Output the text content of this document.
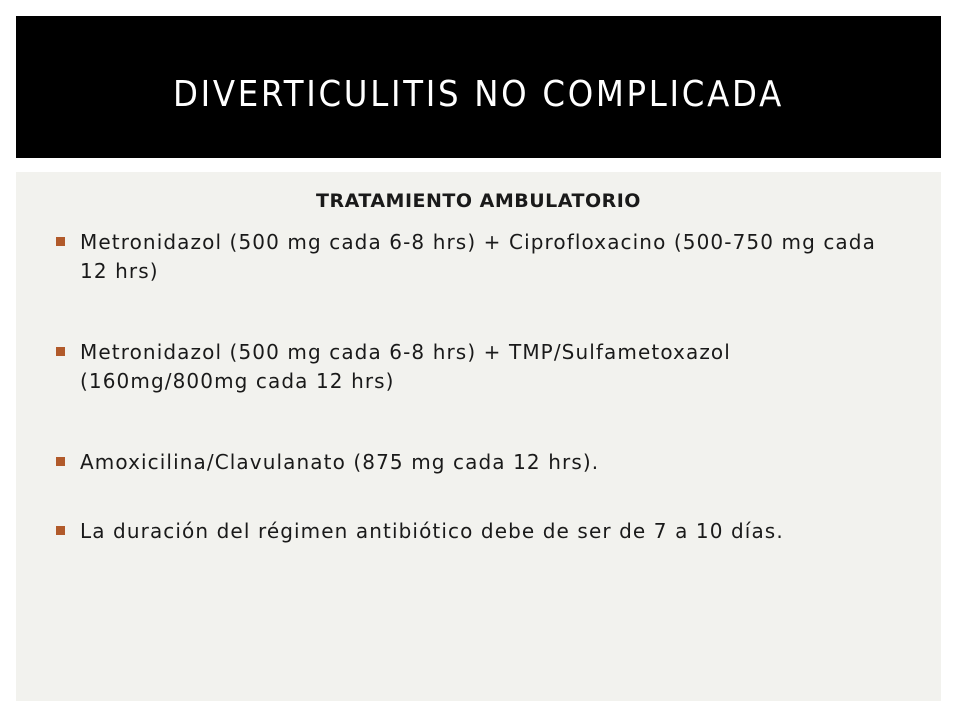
DIVERTICULITIS NO COMPLICADA
TRATAMIENTO AMBULATORIO
Metronidazol (500 mg cada 6-8 hrs) + Ciprofloxacino (500-750 mg cada 12 hrs)
Metronidazol (500 mg cada 6-8 hrs) + TMP/Sulfametoxazol (160mg/800mg cada 12 hrs)
Amoxicilina/Clavulanato (875 mg cada 12 hrs).
La duración del régimen antibiótico debe de ser de 7 a 10 días.
